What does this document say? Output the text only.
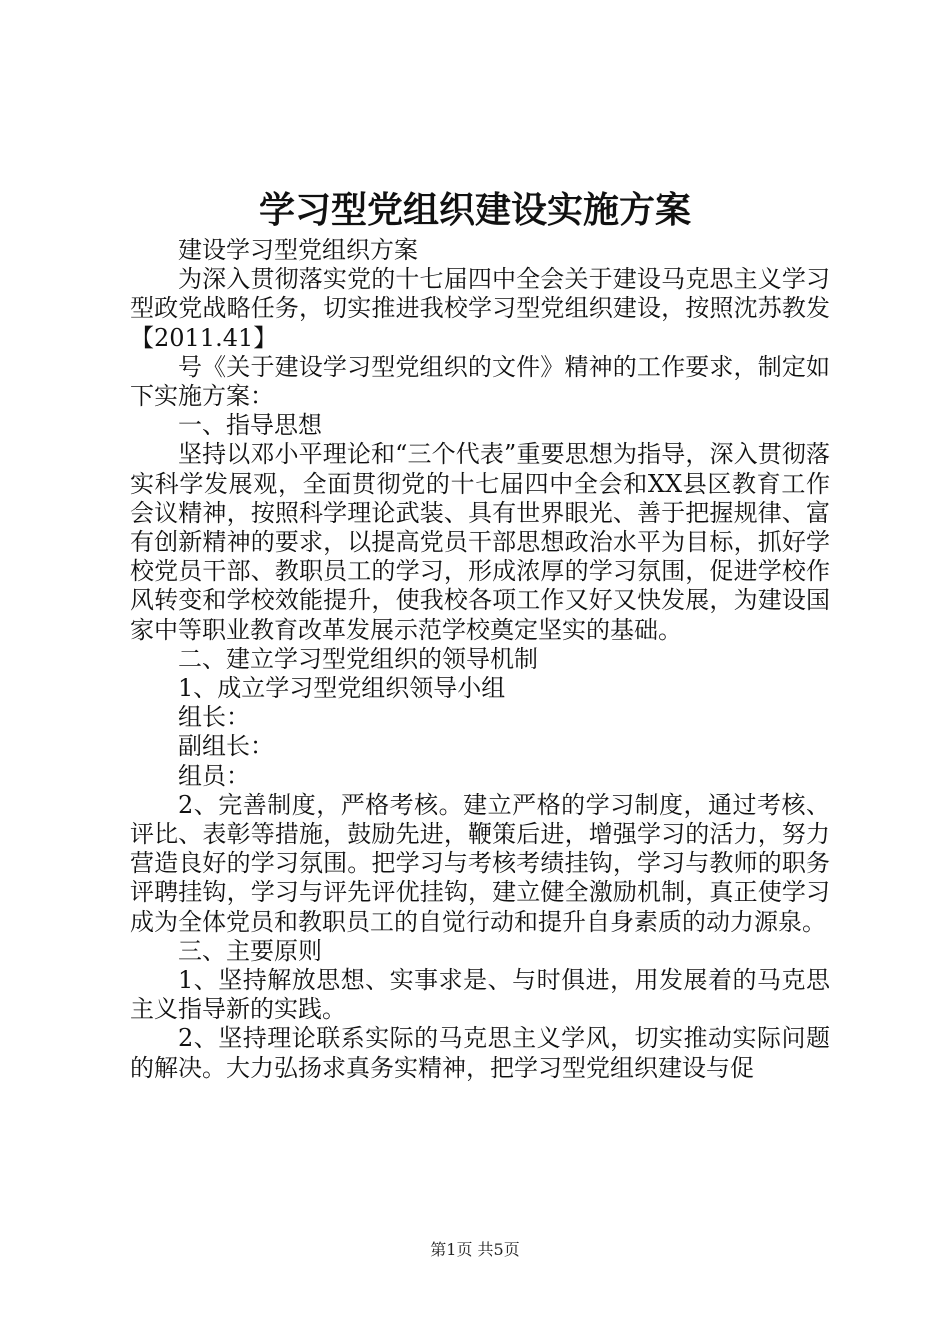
学习型党组织建设实施方案

建设学习型党组织方案

为深入贯彻落实党的十七届四中全会关于建设马克思主义学习型政党战略任务，切实推进我校学习型党组织建设，按照沈苏教发【2011.41】

号《关于建设学习型党组织的文件》精神的工作要求，制定如下实施方案：

一、指导思想

坚持以邓小平理论和“三个代表”重要思想为指导，深入贯彻落实科学发展观，全面贯彻党的十七届四中全会和XX县区教育工作会议精神，按照科学理论武装、具有世界眼光、善于把握规律、富有创新精神的要求，以提高党员干部思想政治水平为目标，抓好学校党员干部、教职员工的学习，形成浓厚的学习氛围，促进学校作风转变和学校效能提升，使我校各项工作又好又快发展，为建设国家中等职业教育改革发展示范学校奠定坚实的基础。

二、建立学习型党组织的领导机制

1、成立学习型党组织领导小组

组长：

副组长：

组员：

2、完善制度，严格考核。建立严格的学习制度，通过考核、评比、表彰等措施，鼓励先进，鞭策后进，增强学习的活力，努力营造良好的学习氛围。把学习与考核考绩挂钩，学习与教师的职务评聘挂钩，学习与评先评优挂钩，建立健全激励机制，真正使学习成为全体党员和教职员工的自觉行动和提升自身素质的动力源泉。

三、主要原则

1、坚持解放思想、实事求是、与时俱进，用发展着的马克思主义指导新的实践。

2、坚持理论联系实际的马克思主义学风，切实推动实际问题的解决。大力弘扬求真务实精神，把学习型党组织建设与促

第1页 共5页
